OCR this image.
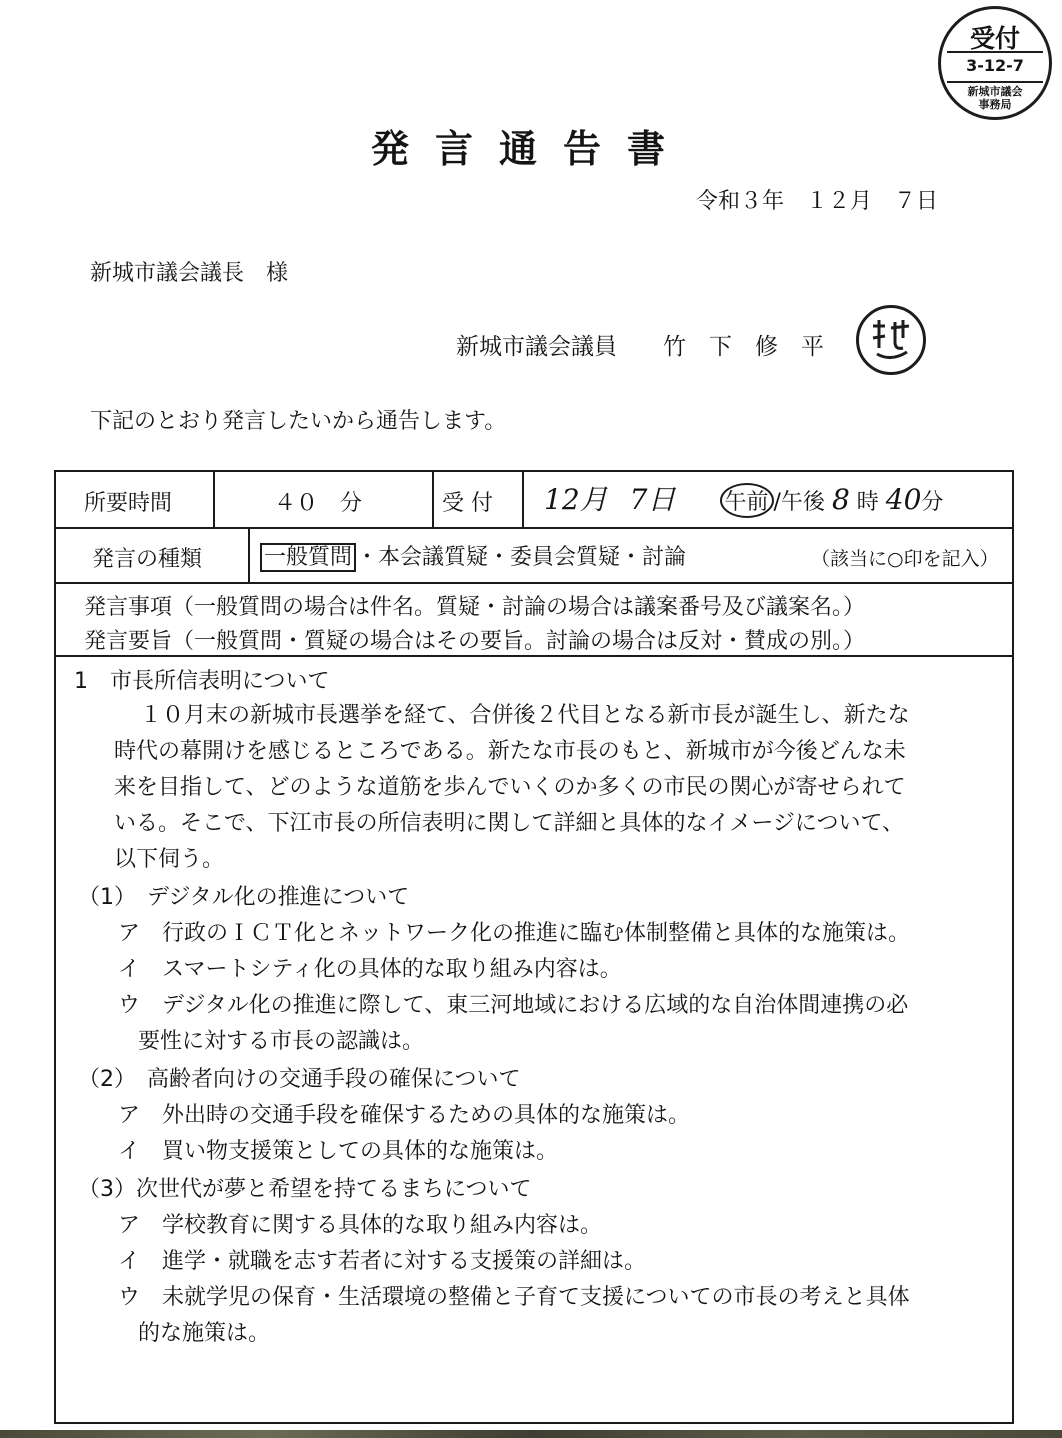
受付
3-12-7
新城市議会
事務局
発言通告書
令和３年　１２月　７日
新城市議会議長　様
新城市議会議員　　 竹　下　修　平
下記のとおり発言したいから通告します。
所要時間	４０　分	受 付 12月　 7日　　 午前 /午後 8 時 40分
発言の種類	一般質問 ・本会議質疑・委員会質疑・討論	（該当に○印を記入）
発言事項（一般質問の場合は件名。質疑・討論の場合は議案番号及び議案名。）
発言要旨（一般質問・質疑の場合はその要旨。討論の場合は反対・賛成の別。）
1　市長所信表明について
　１０月末の新城市長選挙を経て、合併後２代目となる新市長が誕生し、新たな
時代の幕開けを感じるところである。新たな市長のもと、新城市が今後どんな未
来を目指して、どのような道筋を歩んでいくのか多くの市民の関心が寄せられて
いる。そこで、下江市長の所信表明に関して詳細と具体的なイメージについて、
以下伺う。
（1）　デジタル化の推進について
ア　行政のＩＣＴ化とネットワーク化の推進に臨む体制整備と具体的な施策は。
イ　スマートシティ化の具体的な取り組み内容は。
ウ　デジタル化の推進に際して、東三河地域における広域的な自治体間連携の必
要性に対する市長の認識は。
（2）　高齢者向けの交通手段の確保について
ア　外出時の交通手段を確保するための具体的な施策は。
イ　買い物支援策としての具体的な施策は。
（3）次世代が夢と希望を持てるまちについて
ア　学校教育に関する具体的な取り組み内容は。
イ　進学・就職を志す若者に対する支援策の詳細は。
ウ　未就学児の保育・生活環境の整備と子育て支援についての市長の考えと具体
的な施策は。
